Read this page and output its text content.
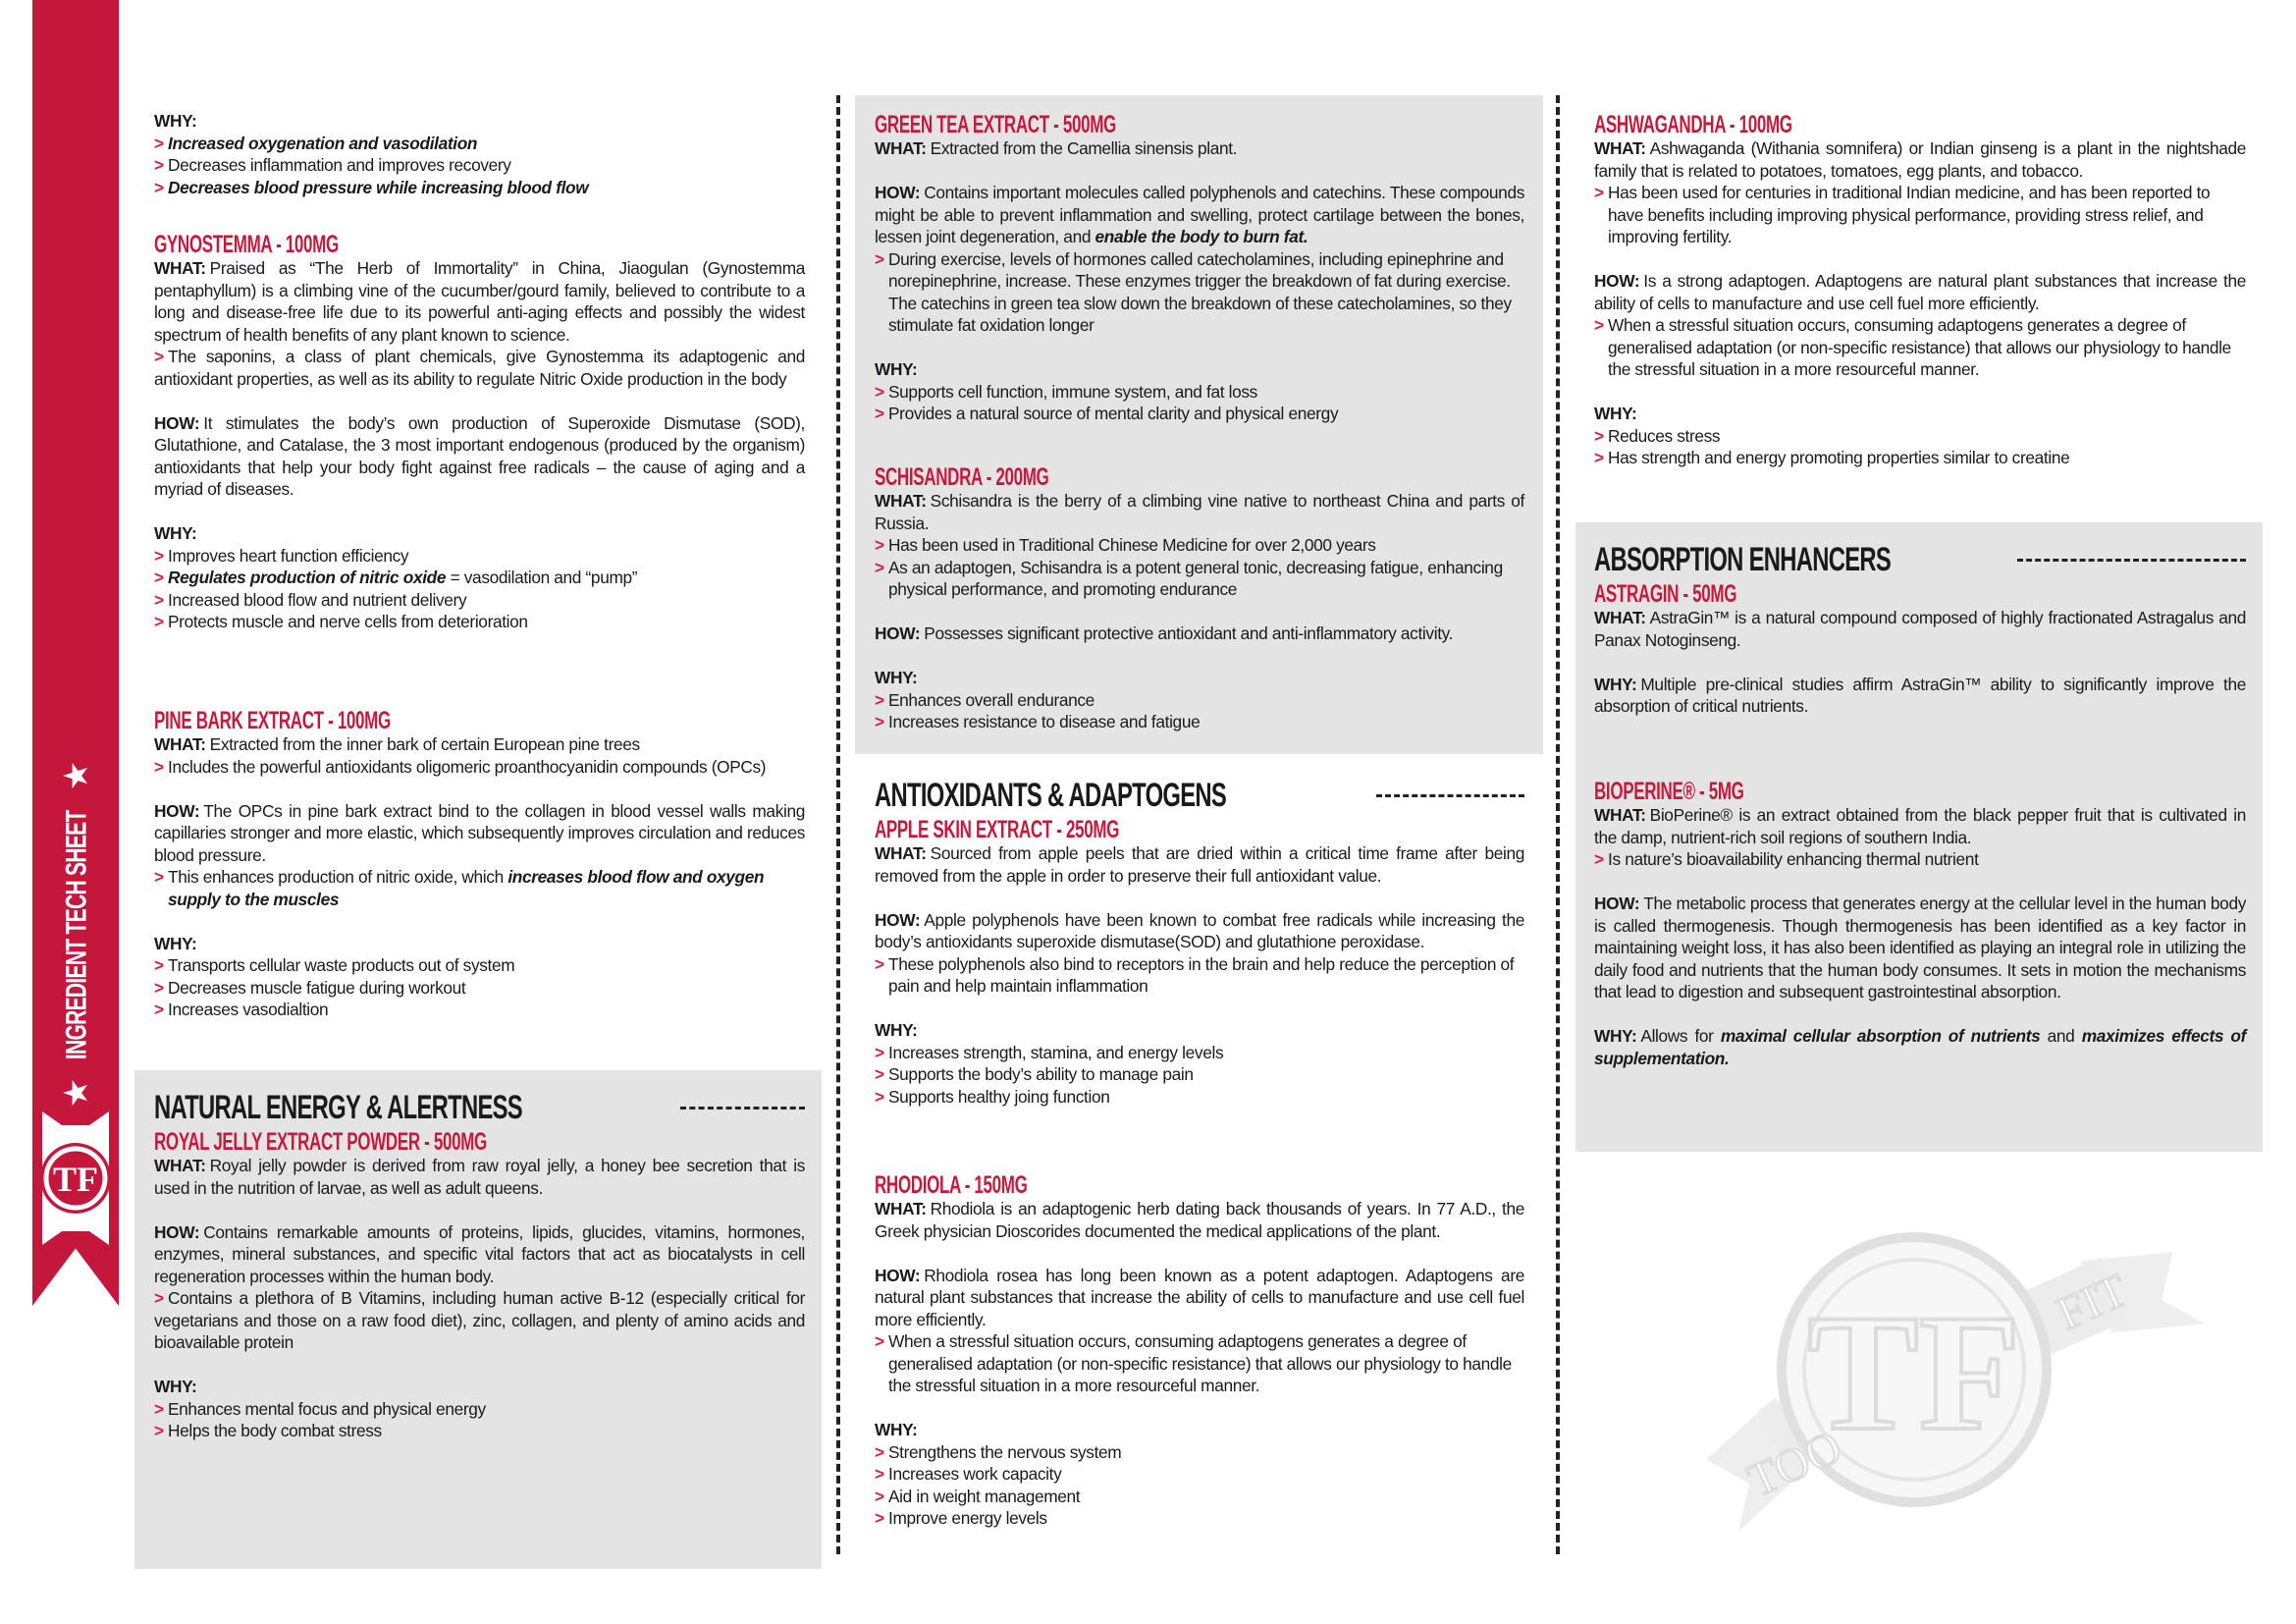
★ INGREDIENT TECH SHEET ★
TF
TF
TOO
FIT
WHY:
> Increased oxygenation and vasodilation
> Decreases inflammation and improves recovery
> Decreases blood pressure while increasing blood flow
GYNOSTEMMA - 100MG
WHAT: Praised as “The Herb of Immortality” in China, Jiaogulan (Gynostemma pentaphyllum) is a climbing vine of the cucumber/gourd family, believed to contribute to a long and disease-free life due to its powerful anti-aging effects and possibly the widest spectrum of health benefits of any plant known to science.
> The saponins, a class of plant chemicals, give Gynostemma its adaptogenic and antioxidant properties, as well as its ability to regulate Nitric Oxide production in the body
HOW: It stimulates the body’s own production of Superoxide Dismutase (SOD), Glutathione, and Catalase, the 3 most important endogenous (produced by the organism) antioxidants that help your body fight against free radicals – the cause of aging and a myriad of diseases.
WHY:
> Improves heart function efficiency
> Regulates production of nitric oxide = vasodilation and “pump”
> Increased blood flow and nutrient delivery
> Protects muscle and nerve cells from deterioration
PINE BARK EXTRACT - 100MG
WHAT: Extracted from the inner bark of certain European pine trees
> Includes the powerful antioxidants oligomeric proanthocyanidin compounds (OPCs)
HOW: The OPCs in pine bark extract bind to the collagen in blood vessel walls making capillaries stronger and more elastic, which subsequently improves circulation and reduces blood pressure.
> This enhances production of nitric oxide, which increases blood flow and oxygen supply to the muscles
WHY:
> Transports cellular waste products out of system
> Decreases muscle fatigue during workout
> Increases vasodialtion
NATURAL ENERGY & ALERTNESS
ROYAL JELLY EXTRACT POWDER - 500MG
WHAT: Royal jelly powder is derived from raw royal jelly, a honey bee secretion that is used in the nutrition of larvae, as well as adult queens.
HOW: Contains remarkable amounts of proteins, lipids, glucides, vitamins, hormones, enzymes, mineral substances, and specific vital factors that act as biocatalysts in cell regeneration processes within the human body.
> Contains a plethora of B Vitamins, including human active B-12 (especially critical for vegetarians and those on a raw food diet), zinc, collagen, and plenty of amino acids and bioavailable protein
WHY:
> Enhances mental focus and physical energy
> Helps the body combat stress
GREEN TEA EXTRACT - 500MG
WHAT: Extracted from the Camellia sinensis plant.
HOW: Contains important molecules called polyphenols and catechins. These compounds might be able to prevent inflammation and swelling, protect cartilage between the bones, lessen joint degeneration, and enable the body to burn fat.
> During exercise, levels of hormones called catecholamines, including epinephrine and norepinephrine, increase. These enzymes trigger the breakdown of fat during exercise. The catechins in green tea slow down the breakdown of these catecholamines, so they stimulate fat oxidation longer
WHY:
> Supports cell function, immune system, and fat loss
> Provides a natural source of mental clarity and physical energy
SCHISANDRA - 200MG
WHAT: Schisandra is the berry of a climbing vine native to northeast China and parts of Russia.
> Has been used in Traditional Chinese Medicine for over 2,000 years
> As an adaptogen, Schisandra is a potent general tonic, decreasing fatigue, enhancing physical performance, and promoting endurance
HOW: Possesses significant protective antioxidant and anti-inflammatory activity.
WHY:
> Enhances overall endurance
> Increases resistance to disease and fatigue
ANTIOXIDANTS & ADAPTOGENS
APPLE SKIN EXTRACT - 250MG
WHAT: Sourced from apple peels that are dried within a critical time frame after being removed from the apple in order to preserve their full antioxidant value.
HOW: Apple polyphenols have been known to combat free radicals while increasing the body’s antioxidants superoxide dismutase(SOD) and glutathione peroxidase.
> These polyphenols also bind to receptors in the brain and help reduce the perception of pain and help maintain inflammation
WHY:
> Increases strength, stamina, and energy levels
> Supports the body’s ability to manage pain
> Supports healthy joing function
RHODIOLA - 150MG
WHAT: Rhodiola is an adaptogenic herb dating back thousands of years. In 77 A.D., the Greek physician Dioscorides documented the medical applications of the plant.
HOW: Rhodiola rosea has long been known as a potent adaptogen. Adaptogens are natural plant substances that increase the ability of cells to manufacture and use cell fuel more efficiently.
> When a stressful situation occurs, consuming adaptogens generates a degree of generalised adaptation (or non-specific resistance) that allows our physiology to handle the stressful situation in a more resourceful manner.
WHY:
> Strengthens the nervous system
> Increases work capacity
> Aid in weight management
> Improve energy levels
ASHWAGANDHA - 100MG
WHAT: Ashwaganda (Withania somnifera) or Indian ginseng is a plant in the nightshade family that is related to potatoes, tomatoes, egg plants, and tobacco.
> Has been used for centuries in traditional Indian medicine, and has been reported to have benefits including improving physical performance, providing stress relief, and improving fertility.
HOW: Is a strong adaptogen. Adaptogens are natural plant substances that increase the ability of cells to manufacture and use cell fuel more efficiently.
> When a stressful situation occurs, consuming adaptogens generates a degree of generalised adaptation (or non-specific resistance) that allows our physiology to handle the stressful situation in a more resourceful manner.
WHY:
> Reduces stress
> Has strength and energy promoting properties similar to creatine
ABSORPTION ENHANCERS
ASTRAGIN - 50MG
WHAT: AstraGin™ is a natural compound composed of highly fractionated Astragalus and Panax Notoginseng.
WHY: Multiple pre-clinical studies affirm AstraGin™ ability to significantly improve the absorption of critical nutrients.
BIOPERINE® - 5MG
WHAT: BioPerine® is an extract obtained from the black pepper fruit that is cultivated in the damp, nutrient-rich soil regions of southern India.
> Is nature’s bioavailability enhancing thermal nutrient
HOW: The metabolic process that generates energy at the cellular level in the human body is called thermogenesis. Though thermogenesis has been identified as a key factor in maintaining weight loss, it has also been identified as playing an integral role in utilizing the daily food and nutrients that the human body consumes. It sets in motion the mechanisms that lead to digestion and subsequent gastrointestinal absorption.
WHY: Allows for maximal cellular absorption of nutrients and maximizes effects of supplementation.
